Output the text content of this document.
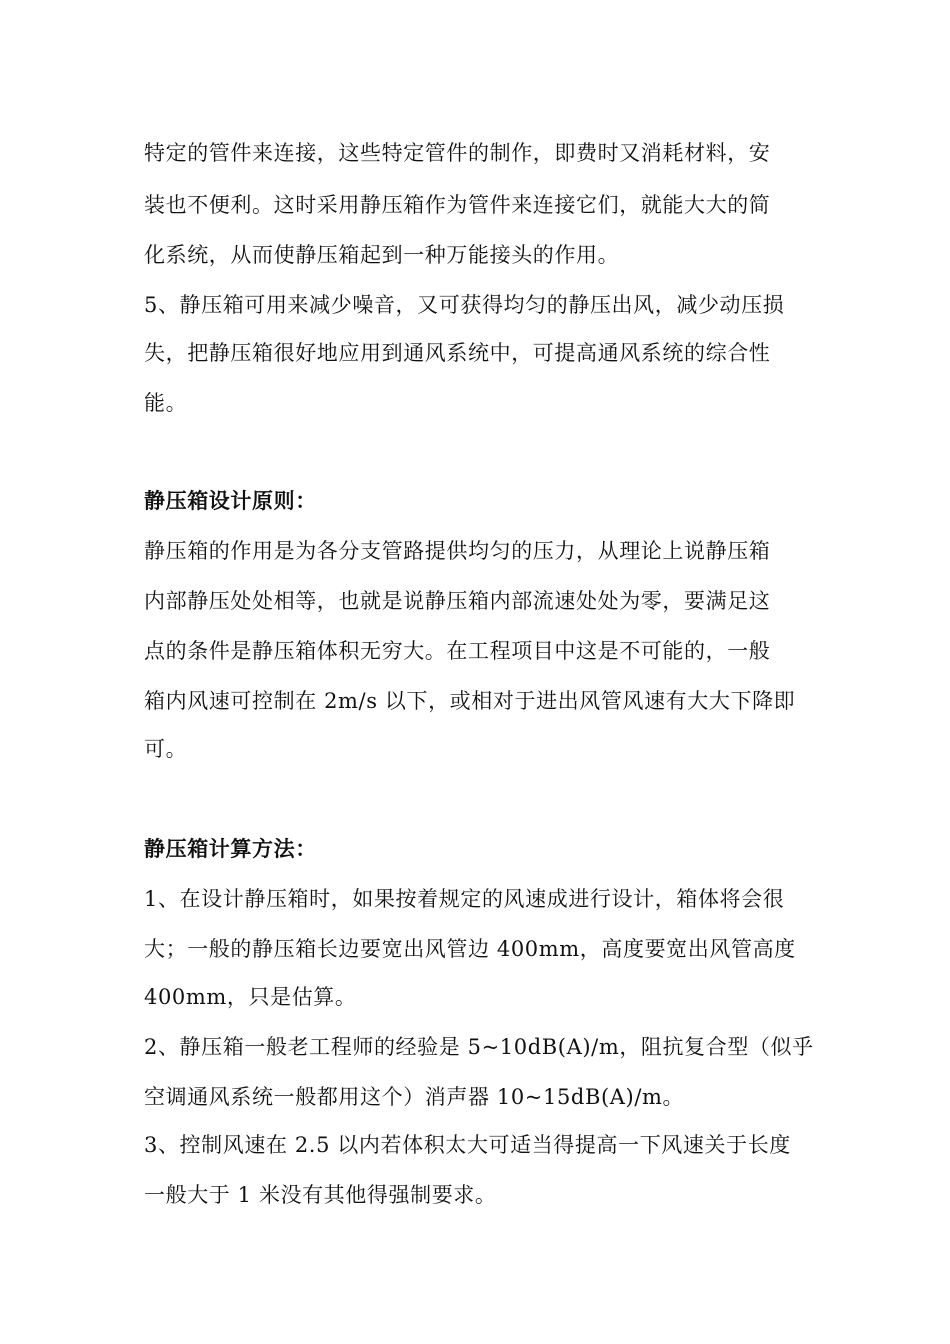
特定的管件来连接，这些特定管件的制作，即费时又消耗材料，安
装也不便利。这时采用静压箱作为管件来连接它们，就能大大的简
化系统，从而使静压箱起到一种万能接头的作用。
5、静压箱可用来减少噪音，又可获得均匀的静压出风，减少动压损
失，把静压箱很好地应用到通风系统中，可提高通风系统的综合性
能。
静压箱设计原则：
静压箱的作用是为各分支管路提供均匀的压力，从理论上说静压箱
内部静压处处相等，也就是说静压箱内部流速处处为零，要满足这
点的条件是静压箱体积无穷大。在工程项目中这是不可能的，一般
箱内风速可控制在 2m/s 以下，或相对于进出风管风速有大大下降即
可。
静压箱计算方法：
1、在设计静压箱时，如果按着规定的风速成进行设计，箱体将会很
大；一般的静压箱长边要宽出风管边 400mm，高度要宽出风管高度
400mm，只是估算。
2、静压箱一般老工程师的经验是 5~10dB(A)/m，阻抗复合型（似乎
空调通风系统一般都用这个）消声器 10~15dB(A)/m。
3、控制风速在 2.5 以内若体积太大可适当得提高一下风速关于长度
一般大于 1 米没有其他得强制要求。
